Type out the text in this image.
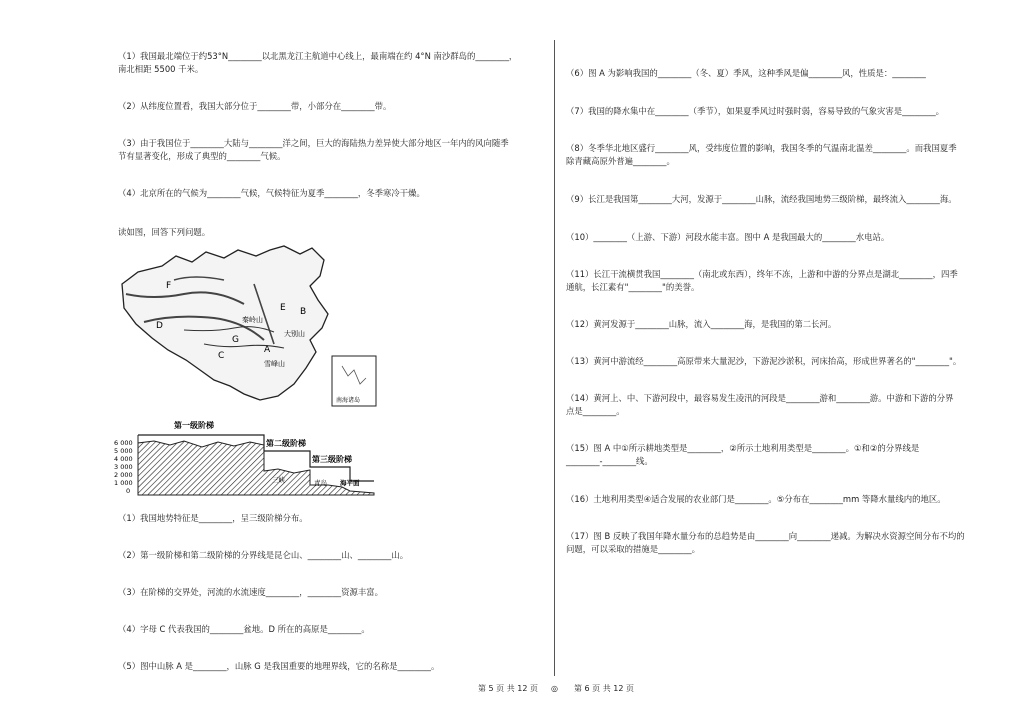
（1）我国最北端位于约53°N________以北黑龙江主航道中心线上，最南端在约 4°N 南沙群岛的________，
南北相距 5500 千米。
（2）从纬度位置看，我国大部分位于________带，小部分在________带。
（3）由于我国位于________大陆与________洋之间，巨大的海陆热力差异使大部分地区一年内的风向随季
节有显著变化，形成了典型的________气候。
（4）北京所在的气候为________气候，气候特征为夏季________，冬季寒冷干燥。
读如图，回答下列问题。
F
D
C
G
E B
A
秦岭山
大别山
雪峰山
南海诸岛
6 000
5 000
4 000
3 000
2 000
1 000
0
第一级阶梯
第二级阶梯
第三级阶梯
三峡	青岛 海平面
（1）我国地势特征是________，呈三级阶梯分布。
（2）第一级阶梯和第二级阶梯的分界线是昆仑山、________山、________山。
（3）在阶梯的交界处，河流的水流速度________，________资源丰富。
（4）字母 C 代表我国的________盆地。D 所在的高原是________。
（5）图中山脉 A 是________，山脉 G 是我国重要的地理界线，它的名称是________。
（6）图 A 为影响我国的________（冬、夏）季风，这种季风是偏________风，性质是：________
（7）我国的降水集中在________（季节），如果夏季风过时强时弱，容易导致的气象灾害是________。
（8）冬季华北地区盛行________风，受纬度位置的影响，我国冬季的气温南北温差________。而我国夏季
除青藏高原外普遍________。
（9）长江是我国第________大河，发源于________山脉，流经我国地势三级阶梯，最终流入________海。
（10）________（上游、下游）河段水能丰富。图中 A 是我国最大的________水电站。
（11）长江干流横贯我国________（南北或东西），终年不冻，上游和中游的分界点是湖北________，四季
通航，长江素有"________"的美誉。
（12）黄河发源于________山脉，流入________海，是我国的第二长河。
（13）黄河中游流经________高原带来大量泥沙，下游泥沙淤积，河床抬高，形成世界著名的"________"。
（14）黄河上、中、下游河段中，最容易发生凌汛的河段是________游和________游。中游和下游的分界
点是________。
（15）图 A 中①所示耕地类型是________，②所示土地利用类型是________。①和②的分界线是
________-________线。
（16）土地利用类型④适合发展的农业部门是________。⑤分布在________mm 等降水量线内的地区。
（17）图 B 反映了我国年降水量分布的总趋势是由________向________递减。为解决水资源空间分布不均的
问题，可以采取的措施是________。
第 5 页 共 12 页 ◎ 第 6 页 共 12 页
